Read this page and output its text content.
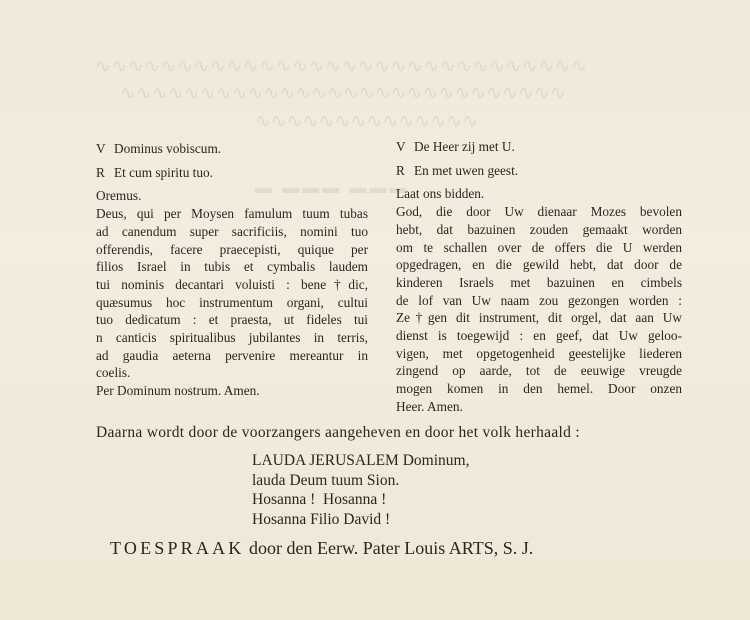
∿∿∿∿∿∿∿∿∿∿∿∿∿∿∿∿∿∿∿∿∿∿∿∿∿∿∿∿∿∿
∿∿∿∿∿∿∿∿∿∿∿∿∿∿∿∿∿∿∿∿∿∿∿∿∿∿∿∿
∿∿∿∿∿∿∿∿∿∿∿∿∿∿
▬ ▬▬▬ ▬▬▬
V Dominus vobiscum.
R Et cum spiritu tuo.
Oremus.
Deus, qui per Moysen famulum tuum tubas
ad canendum super sacrificiis, nomini tuo
offerendis, facere praecepisti, quique per
filios Israel in tubis et cymbalis laudem
tui nominis decantari voluisti : bene†dic,
quæsumus hoc instrumentum organi, cultui
tuo dedicatum : et praesta, ut fideles tui
n canticis spiritualibus jubilantes in terris,
ad gaudia aeterna pervenire mereantur in
coelis.
Per Dominum nostrum. Amen.
V De Heer zij met U.
R En met uwen geest.
Laat ons bidden.
God, die door Uw dienaar Mozes bevolen
hebt, dat bazuinen zouden gemaakt worden
om te schallen over de offers die U werden
opgedragen, en die gewild hebt, dat door de
kinderen Israels met bazuinen en cimbels
de lof van Uw naam zou gezongen worden :
Ze†gen dit instrument, dit orgel, dat aan Uw
dienst is toegewijd : en geef, dat Uw geloo-
vigen, met opgetogenheid geestelijke liederen
zingend op aarde, tot de eeuwige vreugde
mogen komen in den hemel. Door onzen
Heer. Amen.
Daarna wordt door de voorzangers aangeheven en door het volk herhaald :
LAUDA JERUSALEM Dominum,
lauda Deum tuum Sion.
Hosanna !  Hosanna !
Hosanna Filio David !
TOESPRAAK door den Eerw. Pater Louis ARTS, S. J.
